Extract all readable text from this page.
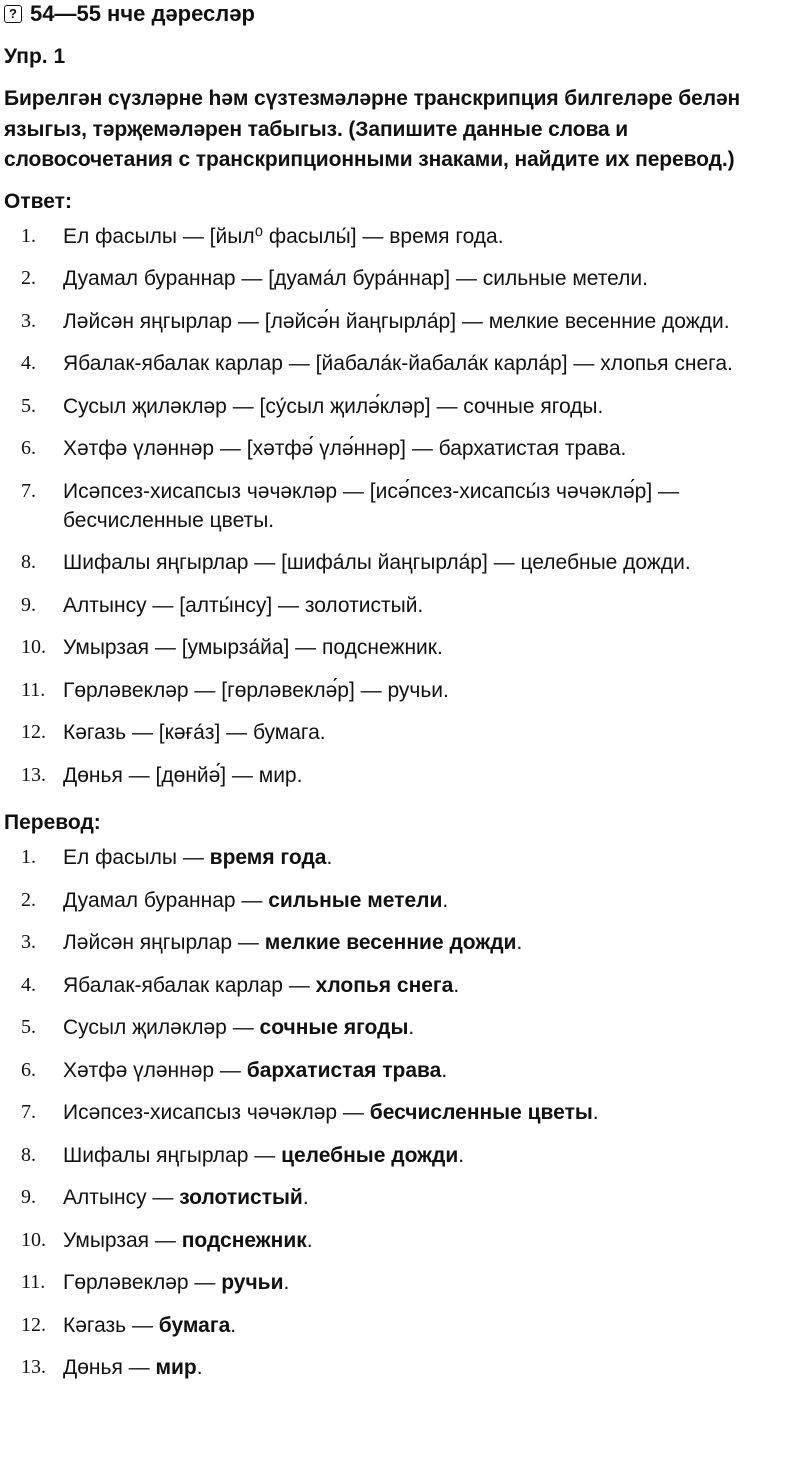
? 54—55 нче дәресләр
Упр. 1
Бирелгән сүзләрне һәм сүзтезмәләрне транскрипция билгеләре белән языгыз, тәрҗемәләрен табыгыз. (Запишите данные слова и словосочетания с транскрипционными знаками, найдите их перевод.)
Ответ:
1. Ел фасылы — [йыл⁰ фасылы́] — время года.
2. Дуамал бураннар — [дуама́л бура́ннар] — сильные метели.
3. Ләйсән яңгырлар — [ләйсә́н йаңгырла́р] — мелкие весенние дожди.
4. Ябалак-ябалак карлар — [йабала́к-йабала́к карла́р] — хлопья снега.
5. Сусыл җиләкләр — [су́сыл җилә́кләр] — сочные ягоды.
6. Хәтфә үләннәр — [хәтфә́ үлә́ннәр] — бархатистая трава.
7. Исәпсез-хисапсыз чәчәкләр — [исә́псез-хисапсы́з чәчәклә́р] — бесчисленные цветы.
8. Шифалы яңгырлар — [шифа́лы йаңгырла́р] — целебные дожди.
9. Алтынсу — [алты́нсу] — золотистый.
10. Умырзая — [умырза́йа] — подснежник.
11. Гөрләвекләр — [гөрләвеклә́р] — ручьи.
12. Кәгазь — [кәға́з] — бумага.
13. Дөнья — [дөнйә́] — мир.
Перевод:
1. Ел фасылы — время года.
2. Дуамал бураннар — сильные метели.
3. Ләйсән яңгырлар — мелкие весенние дожди.
4. Ябалак-ябалак карлар — хлопья снега.
5. Сусыл җиләкләр — сочные ягоды.
6. Хәтфә үләннәр — бархатистая трава.
7. Исәпсез-хисапсыз чәчәкләр — бесчисленные цветы.
8. Шифалы яңгырлар — целебные дожди.
9. Алтынсу — золотистый.
10. Умырзая — подснежник.
11. Гөрләвекләр — ручьи.
12. Кәгазь — бумага.
13. Дөнья — мир.
